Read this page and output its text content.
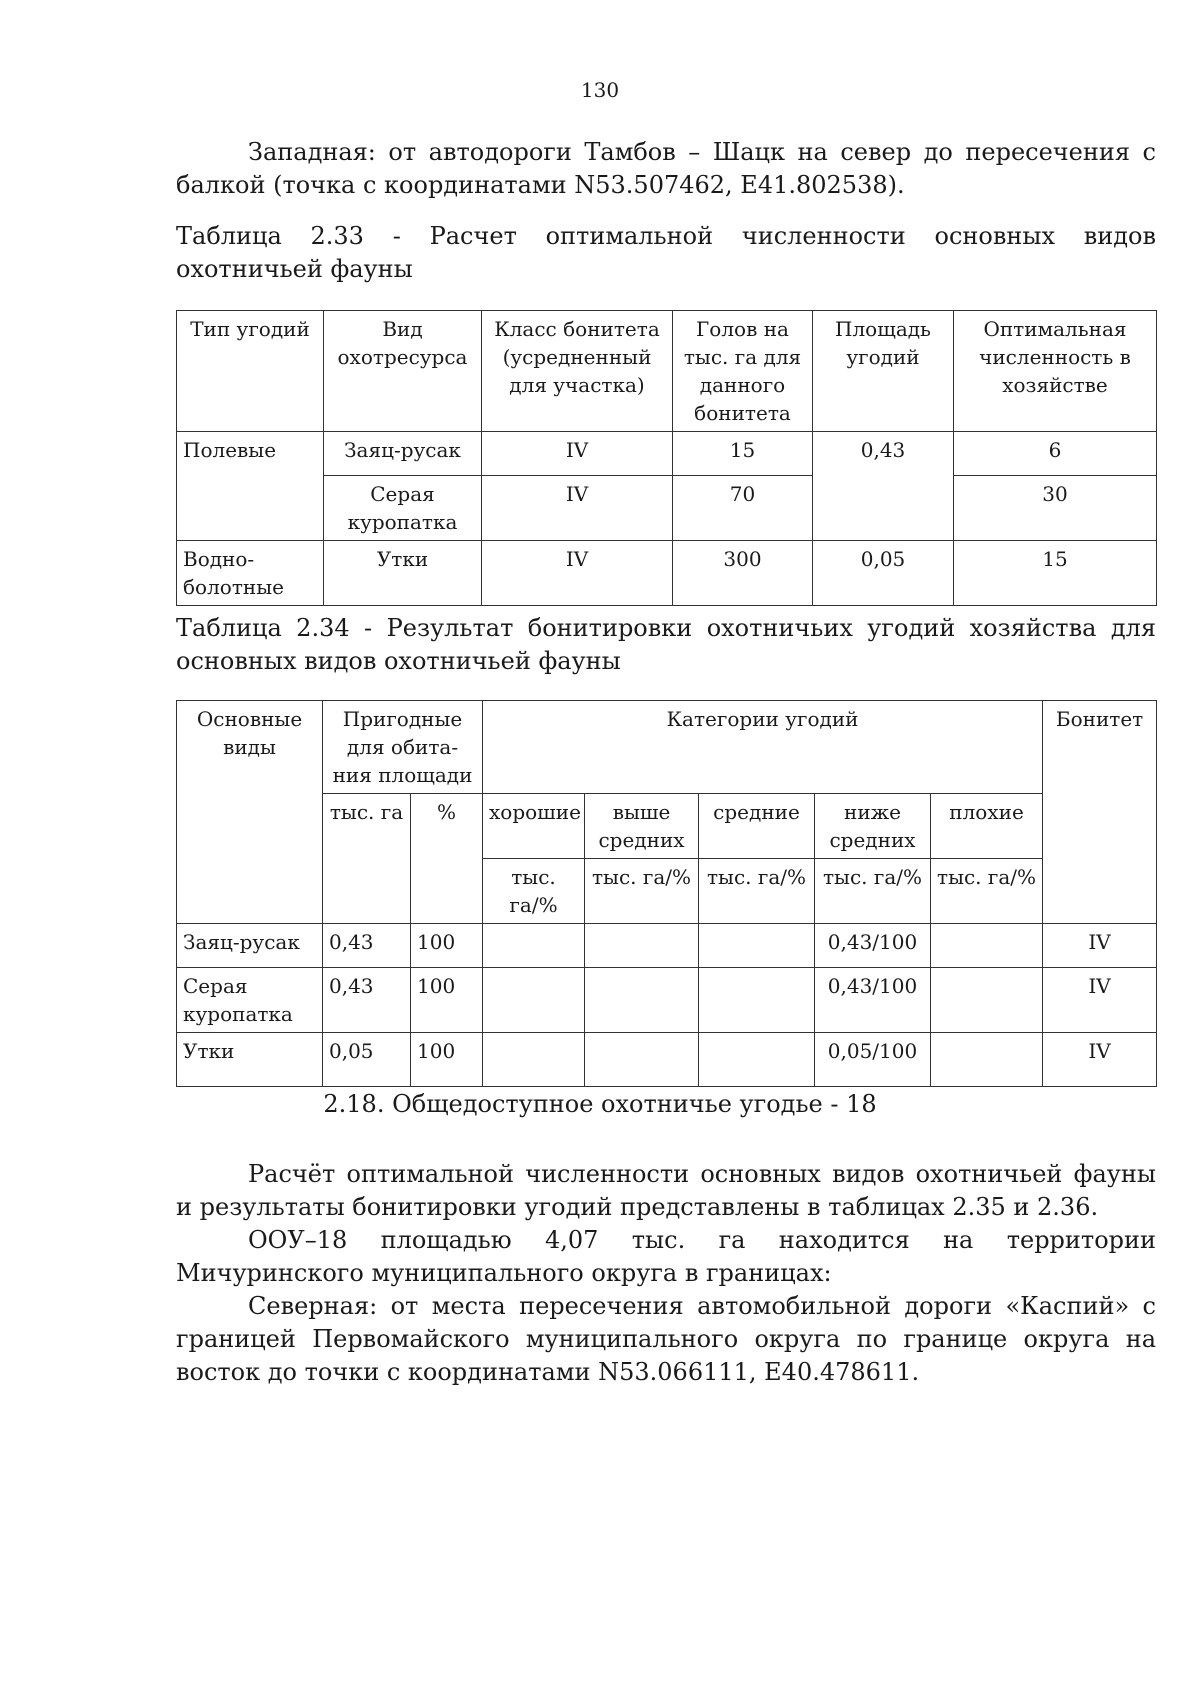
130
Западная: от автодороги Тамбов – Шацк на север до пересечения с балкой (точка с координатами N53.507462, E41.802538).
Таблица 2.33 - Расчет оптимальной численности основных видов охотничьей фауны
Тип угодий	Вид охотресурса	Класс бонитета (усредненный для участка)	Голов на тыс. га для данного бонитета	Площадь угодий	Оптимальная численность в хозяйстве
Полевые	Заяц-русак	IV	15	0,43	6
	Серая куропатка	IV	70		30
Водно-болотные	Утки	IV	300	0,05	15
Таблица 2.34 - Результат бонитировки охотничьих угодий хозяйства для основных видов охотничьей фауны
Основные виды	Пригодные для обита-ния площади		Категории угодий					Бонитет
	тыс. га	%	хорошие	выше средних	средние	ниже средних	плохие	
			тыс. га/%	тыс. га/%	тыс. га/%	тыс. га/%	тыс. га/%	
Заяц-русак	0,43	100				0,43/100		IV
Серая куропатка	0,43	100				0,43/100		IV
Утки	0,05	100				0,05/100		IV
2.18. Общедоступное охотничье угодье - 18
Расчёт оптимальной численности основных видов охотничьей фауны и результаты бонитировки угодий представлены в таблицах 2.35 и 2.36.
ООУ–18 площадью 4,07 тыс. га находится на территории Мичуринского муниципального округа в границах:
Северная: от места пересечения автомобильной дороги «Каспий» с границей Первомайского муниципального округа по границе округа на восток до точки с координатами N53.066111, E40.478611.
